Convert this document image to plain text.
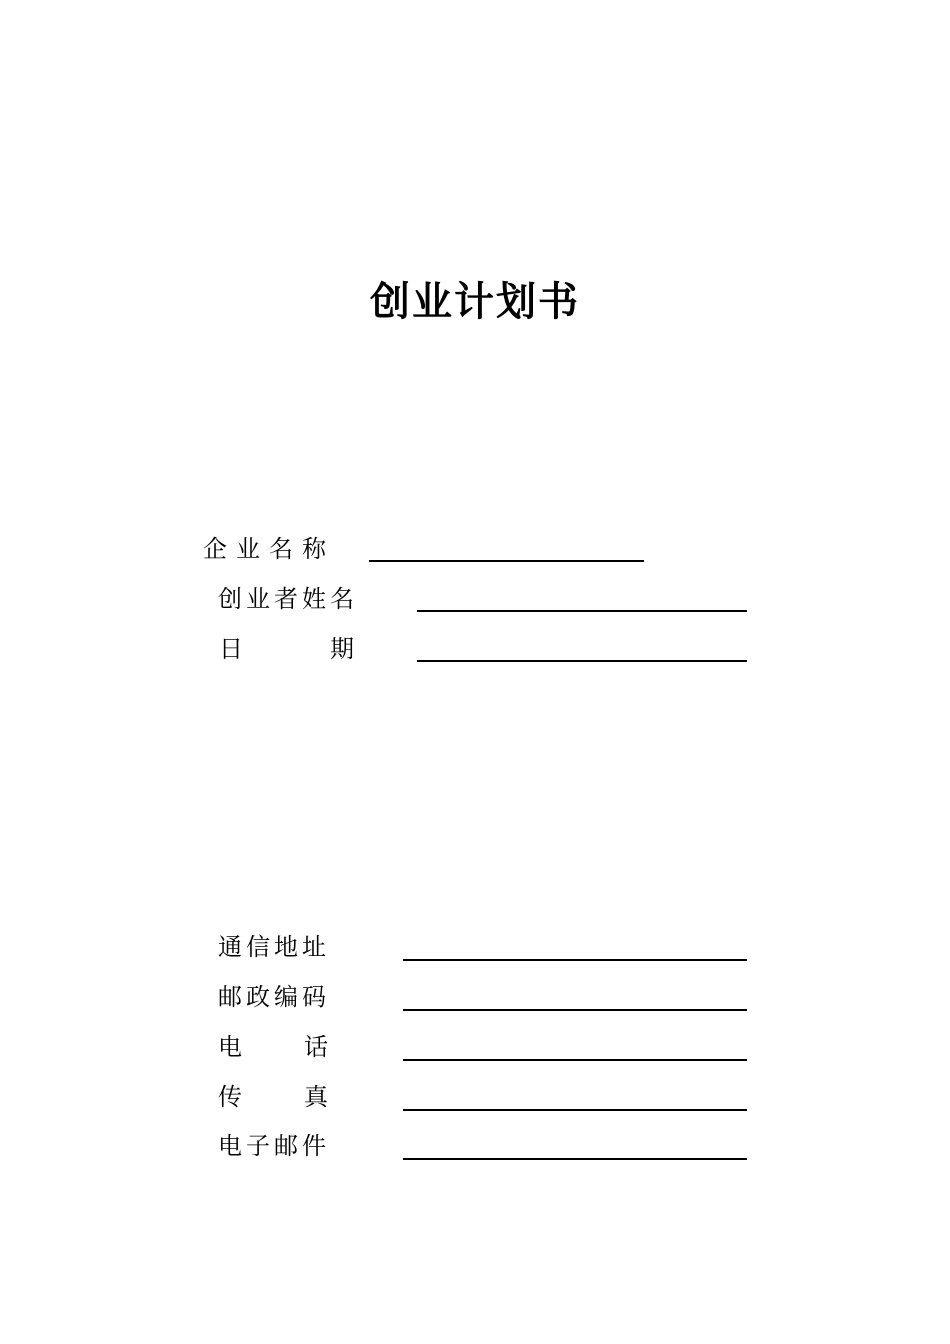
创业计划书
企业名称
创业者姓名
日期
通信地址
邮政编码
电话
传真
电子邮件
